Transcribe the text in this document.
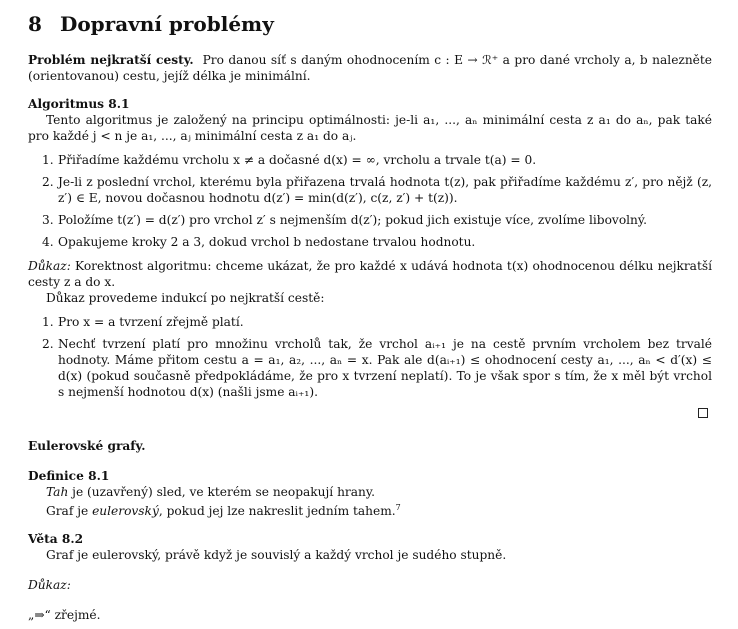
8 Dopravní problémy

Problém nejkratší cesty. Pro danou síť s daným ohodnocením c : E → ℛ⁺ a pro dané vrcholy a, b nalezněte (orientovanou) cestu, jejíž délka je minimální.

Algoritmus 8.1

Tento algoritmus je založený na principu optimálnosti: je-li a₁, ..., aₙ minimální cesta z a₁ do aₙ, pak také pro každé j < n je a₁, ..., aⱼ minimální cesta z a₁ do aⱼ.

1. Přiřadíme každému vrcholu x ≠ a dočasné d(x) = ∞, vrcholu a trvale t(a) = 0.
2. Je-li z poslední vrchol, kterému byla přiřazena trvalá hodnota t(z), pak přiřadíme každému z′, pro nějž (z, z′) ∈ E, novou dočasnou hodnotu d(z′) = min(d(z′), c(z, z′) + t(z)).
3. Položíme t(z′) = d(z′) pro vrchol z′ s nejmenším d(z′); pokud jich existuje více, zvolíme libovolný.
4. Opakujeme kroky 2 a 3, dokud vrchol b nedostane trvalou hodnotu.

Důkaz: Korektnost algoritmu: chceme ukázat, že pro každé x udává hodnota t(x) ohodnocenou délku nejkratší cesty z a do x.

Důkaz provedeme indukcí po nejkratší cestě:

1. Pro x = a tvrzení zřejmě platí.
2. Nechť tvrzení platí pro množinu vrcholů tak, že vrchol aᵢ₊₁ je na cestě prvním vrcholem bez trvalé hodnoty. Máme přitom cestu a = a₁, a₂, ..., aₙ = x. Pak ale d(aᵢ₊₁) ≤ ohodnocení cesty a₁, ..., aₙ < d′(x) ≤ d(x) (pokud současně předpokládáme, že pro x tvrzení neplatí). To je však spor s tím, že x měl být vrchol s nejmenší hodnotou d(x) (našli jsme aᵢ₊₁).
Eulerovské grafy.
Definice 8.1

Tah je (uzavřený) sled, ve kterém se neopakují hrany.

Graf je eulerovský, pokud jej lze nakreslit jedním tahem.$^7$

Věta 8.2

Graf je eulerovský, právě když je souvislý a každý vrchol je sudého stupně.

Důkaz:

„⇒“ zřejmé.
